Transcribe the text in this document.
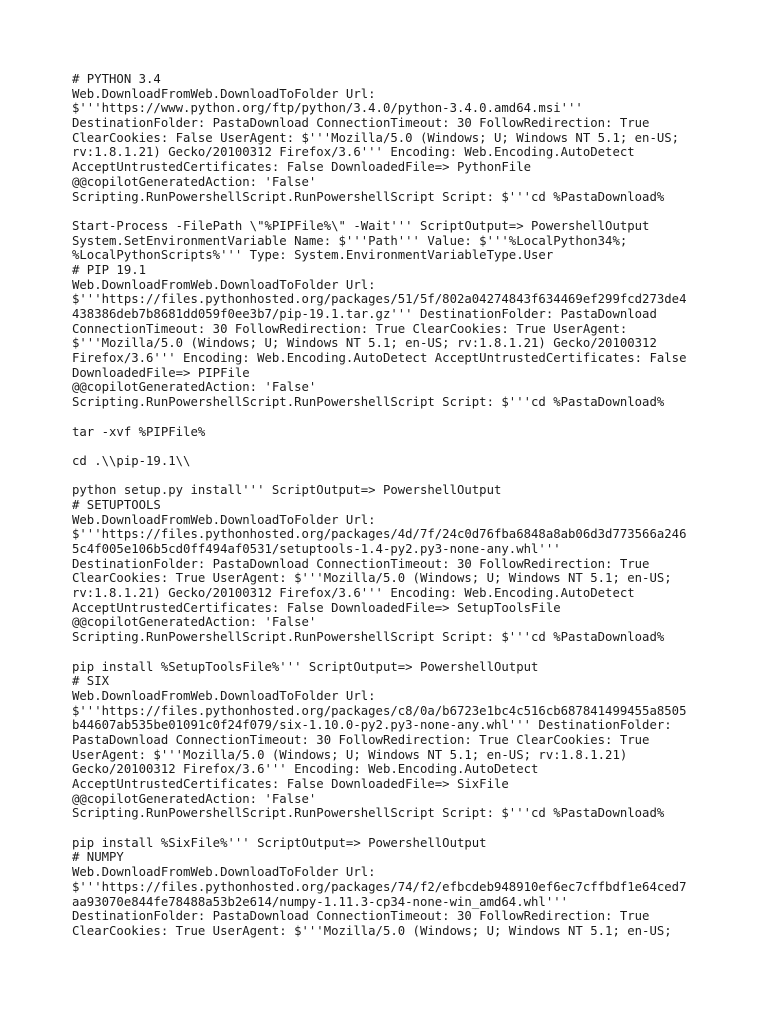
# PYTHON 3.4
Web.DownloadFromWeb.DownloadToFolder Url:
$'''https://www.python.org/ftp/python/3.4.0/python-3.4.0.amd64.msi'''
DestinationFolder: PastaDownload ConnectionTimeout: 30 FollowRedirection: True
ClearCookies: False UserAgent: $'''Mozilla/5.0 (Windows; U; Windows NT 5.1; en-US;
rv:1.8.1.21) Gecko/20100312 Firefox/3.6''' Encoding: Web.Encoding.AutoDetect
AcceptUntrustedCertificates: False DownloadedFile=> PythonFile
@@copilotGeneratedAction: 'False'
Scripting.RunPowershellScript.RunPowershellScript Script: $'''cd %PastaDownload%
Start-Process -FilePath \"%PIPFile%\" -Wait''' ScriptOutput=> PowershellOutput
System.SetEnvironmentVariable Name: $'''Path''' Value: $'''%LocalPython34%;
%LocalPythonScripts%''' Type: System.EnvironmentVariableType.User
# PIP 19.1
Web.DownloadFromWeb.DownloadToFolder Url:
$'''https://files.pythonhosted.org/packages/51/5f/802a04274843f634469ef299fcd273de4
438386deb7b8681dd059f0ee3b7/pip-19.1.tar.gz''' DestinationFolder: PastaDownload
ConnectionTimeout: 30 FollowRedirection: True ClearCookies: True UserAgent:
$'''Mozilla/5.0 (Windows; U; Windows NT 5.1; en-US; rv:1.8.1.21) Gecko/20100312
Firefox/3.6''' Encoding: Web.Encoding.AutoDetect AcceptUntrustedCertificates: False
DownloadedFile=> PIPFile
@@copilotGeneratedAction: 'False'
Scripting.RunPowershellScript.RunPowershellScript Script: $'''cd %PastaDownload%
tar -xvf %PIPFile%
cd .\\pip-19.1\\
python setup.py install''' ScriptOutput=> PowershellOutput
# SETUPTOOLS
Web.DownloadFromWeb.DownloadToFolder Url:
$'''https://files.pythonhosted.org/packages/4d/7f/24c0d76fba6848a8ab06d3d773566a246
5c4f005e106b5cd0ff494af0531/setuptools-1.4-py2.py3-none-any.whl'''
DestinationFolder: PastaDownload ConnectionTimeout: 30 FollowRedirection: True
ClearCookies: True UserAgent: $'''Mozilla/5.0 (Windows; U; Windows NT 5.1; en-US;
rv:1.8.1.21) Gecko/20100312 Firefox/3.6''' Encoding: Web.Encoding.AutoDetect
AcceptUntrustedCertificates: False DownloadedFile=> SetupToolsFile
@@copilotGeneratedAction: 'False'
Scripting.RunPowershellScript.RunPowershellScript Script: $'''cd %PastaDownload%
pip install %SetupToolsFile%''' ScriptOutput=> PowershellOutput
# SIX
Web.DownloadFromWeb.DownloadToFolder Url:
$'''https://files.pythonhosted.org/packages/c8/0a/b6723e1bc4c516cb687841499455a8505
b44607ab535be01091c0f24f079/six-1.10.0-py2.py3-none-any.whl''' DestinationFolder:
PastaDownload ConnectionTimeout: 30 FollowRedirection: True ClearCookies: True
UserAgent: $'''Mozilla/5.0 (Windows; U; Windows NT 5.1; en-US; rv:1.8.1.21)
Gecko/20100312 Firefox/3.6''' Encoding: Web.Encoding.AutoDetect
AcceptUntrustedCertificates: False DownloadedFile=> SixFile
@@copilotGeneratedAction: 'False'
Scripting.RunPowershellScript.RunPowershellScript Script: $'''cd %PastaDownload%
pip install %SixFile%''' ScriptOutput=> PowershellOutput
# NUMPY
Web.DownloadFromWeb.DownloadToFolder Url:
$'''https://files.pythonhosted.org/packages/74/f2/efbcdeb948910ef6ec7cffbdf1e64ced7
aa93070e844fe78488a53b2e614/numpy-1.11.3-cp34-none-win_amd64.whl'''
DestinationFolder: PastaDownload ConnectionTimeout: 30 FollowRedirection: True
ClearCookies: True UserAgent: $'''Mozilla/5.0 (Windows; U; Windows NT 5.1; en-US;
